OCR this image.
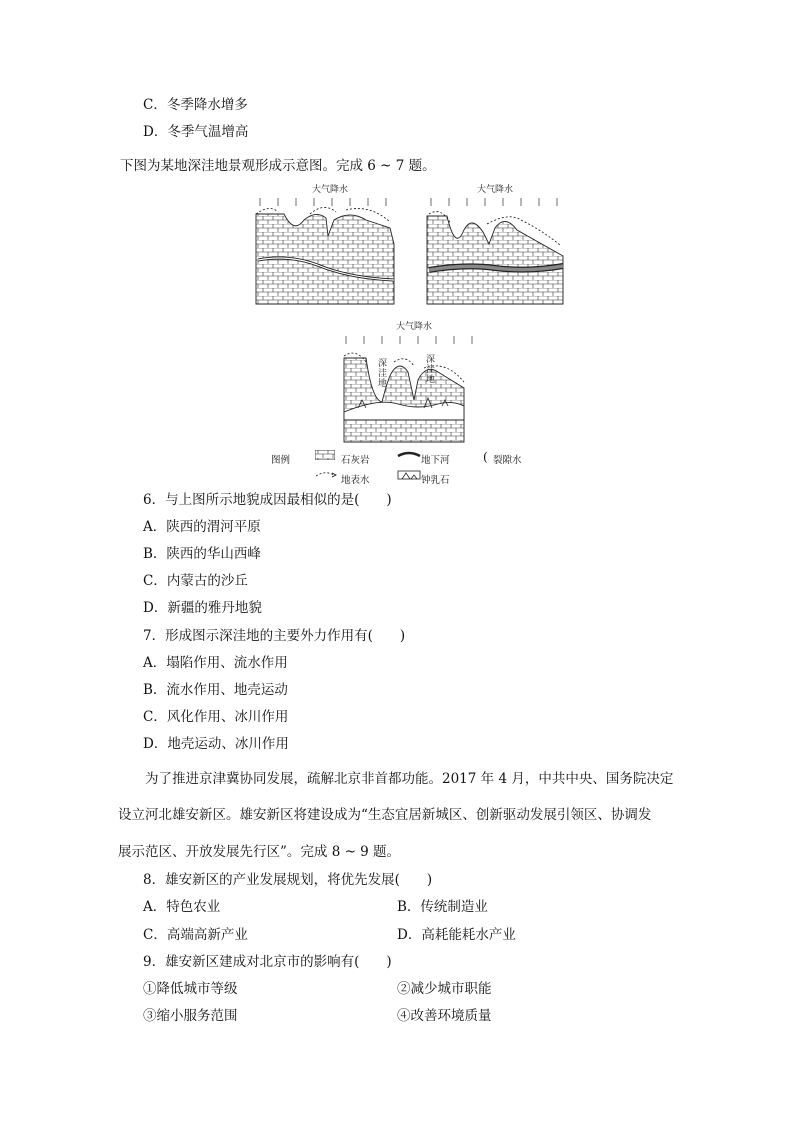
C．冬季降水增多
D．冬季气温增高
下图为某地深洼地景观形成示意图。完成 6 ~ 7 题。
大气降水	大气降水
大气降水
深洼地
深洼地
图例	石灰岩	地下河	( 裂隙水
地表水	钟乳石
6．与上图所示地貌成因最相似的是(　　)
A．陕西的渭河平原
B．陕西的华山西峰
C．内蒙古的沙丘
D．新疆的雅丹地貌
7．形成图示深洼地的主要外力作用有(　　)
A．塌陷作用、流水作用
B．流水作用、地壳运动
C．风化作用、冰川作用
D．地壳运动、冰川作用
为了推进京津冀协同发展，疏解北京非首都功能。2017 年 4 月，中共中央、国务院决定
设立河北雄安新区。雄安新区将建设成为“生态宜居新城区、创新驱动发展引领区、协调发
展示范区、开放发展先行区”。完成 8 ~ 9 题。
8．雄安新区的产业发展规划，将优先发展(　　)
A．特色农业	B．传统制造业
C．高端高新产业	D．高耗能耗水产业
9．雄安新区建成对北京市的影响有(　　)
①降低城市等级	②减少城市职能
③缩小服务范围	④改善环境质量
